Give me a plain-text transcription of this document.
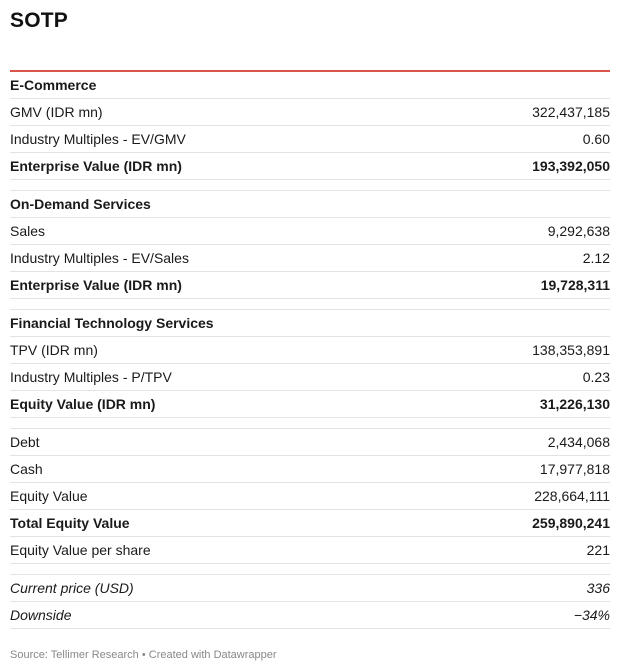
SOTP
E-Commerce
GMV (IDR mn)	322,437,185
Industry Multiples - EV/GMV	0.60
Enterprise Value (IDR mn)	193,392,050
On-Demand Services
Sales	9,292,638
Industry Multiples - EV/Sales	2.12
Enterprise Value (IDR mn)	19,728,311
Financial Technology Services
TPV (IDR mn)	138,353,891
Industry Multiples - P/TPV	0.23
Equity Value (IDR mn)	31,226,130
Debt	2,434,068
Cash	17,977,818
Equity Value	228,664,111
Total Equity Value	259,890,241
Equity Value per share	221
Current price (USD)	336
Downside	−34%
Source: Tellimer Research • Created with Datawrapper
